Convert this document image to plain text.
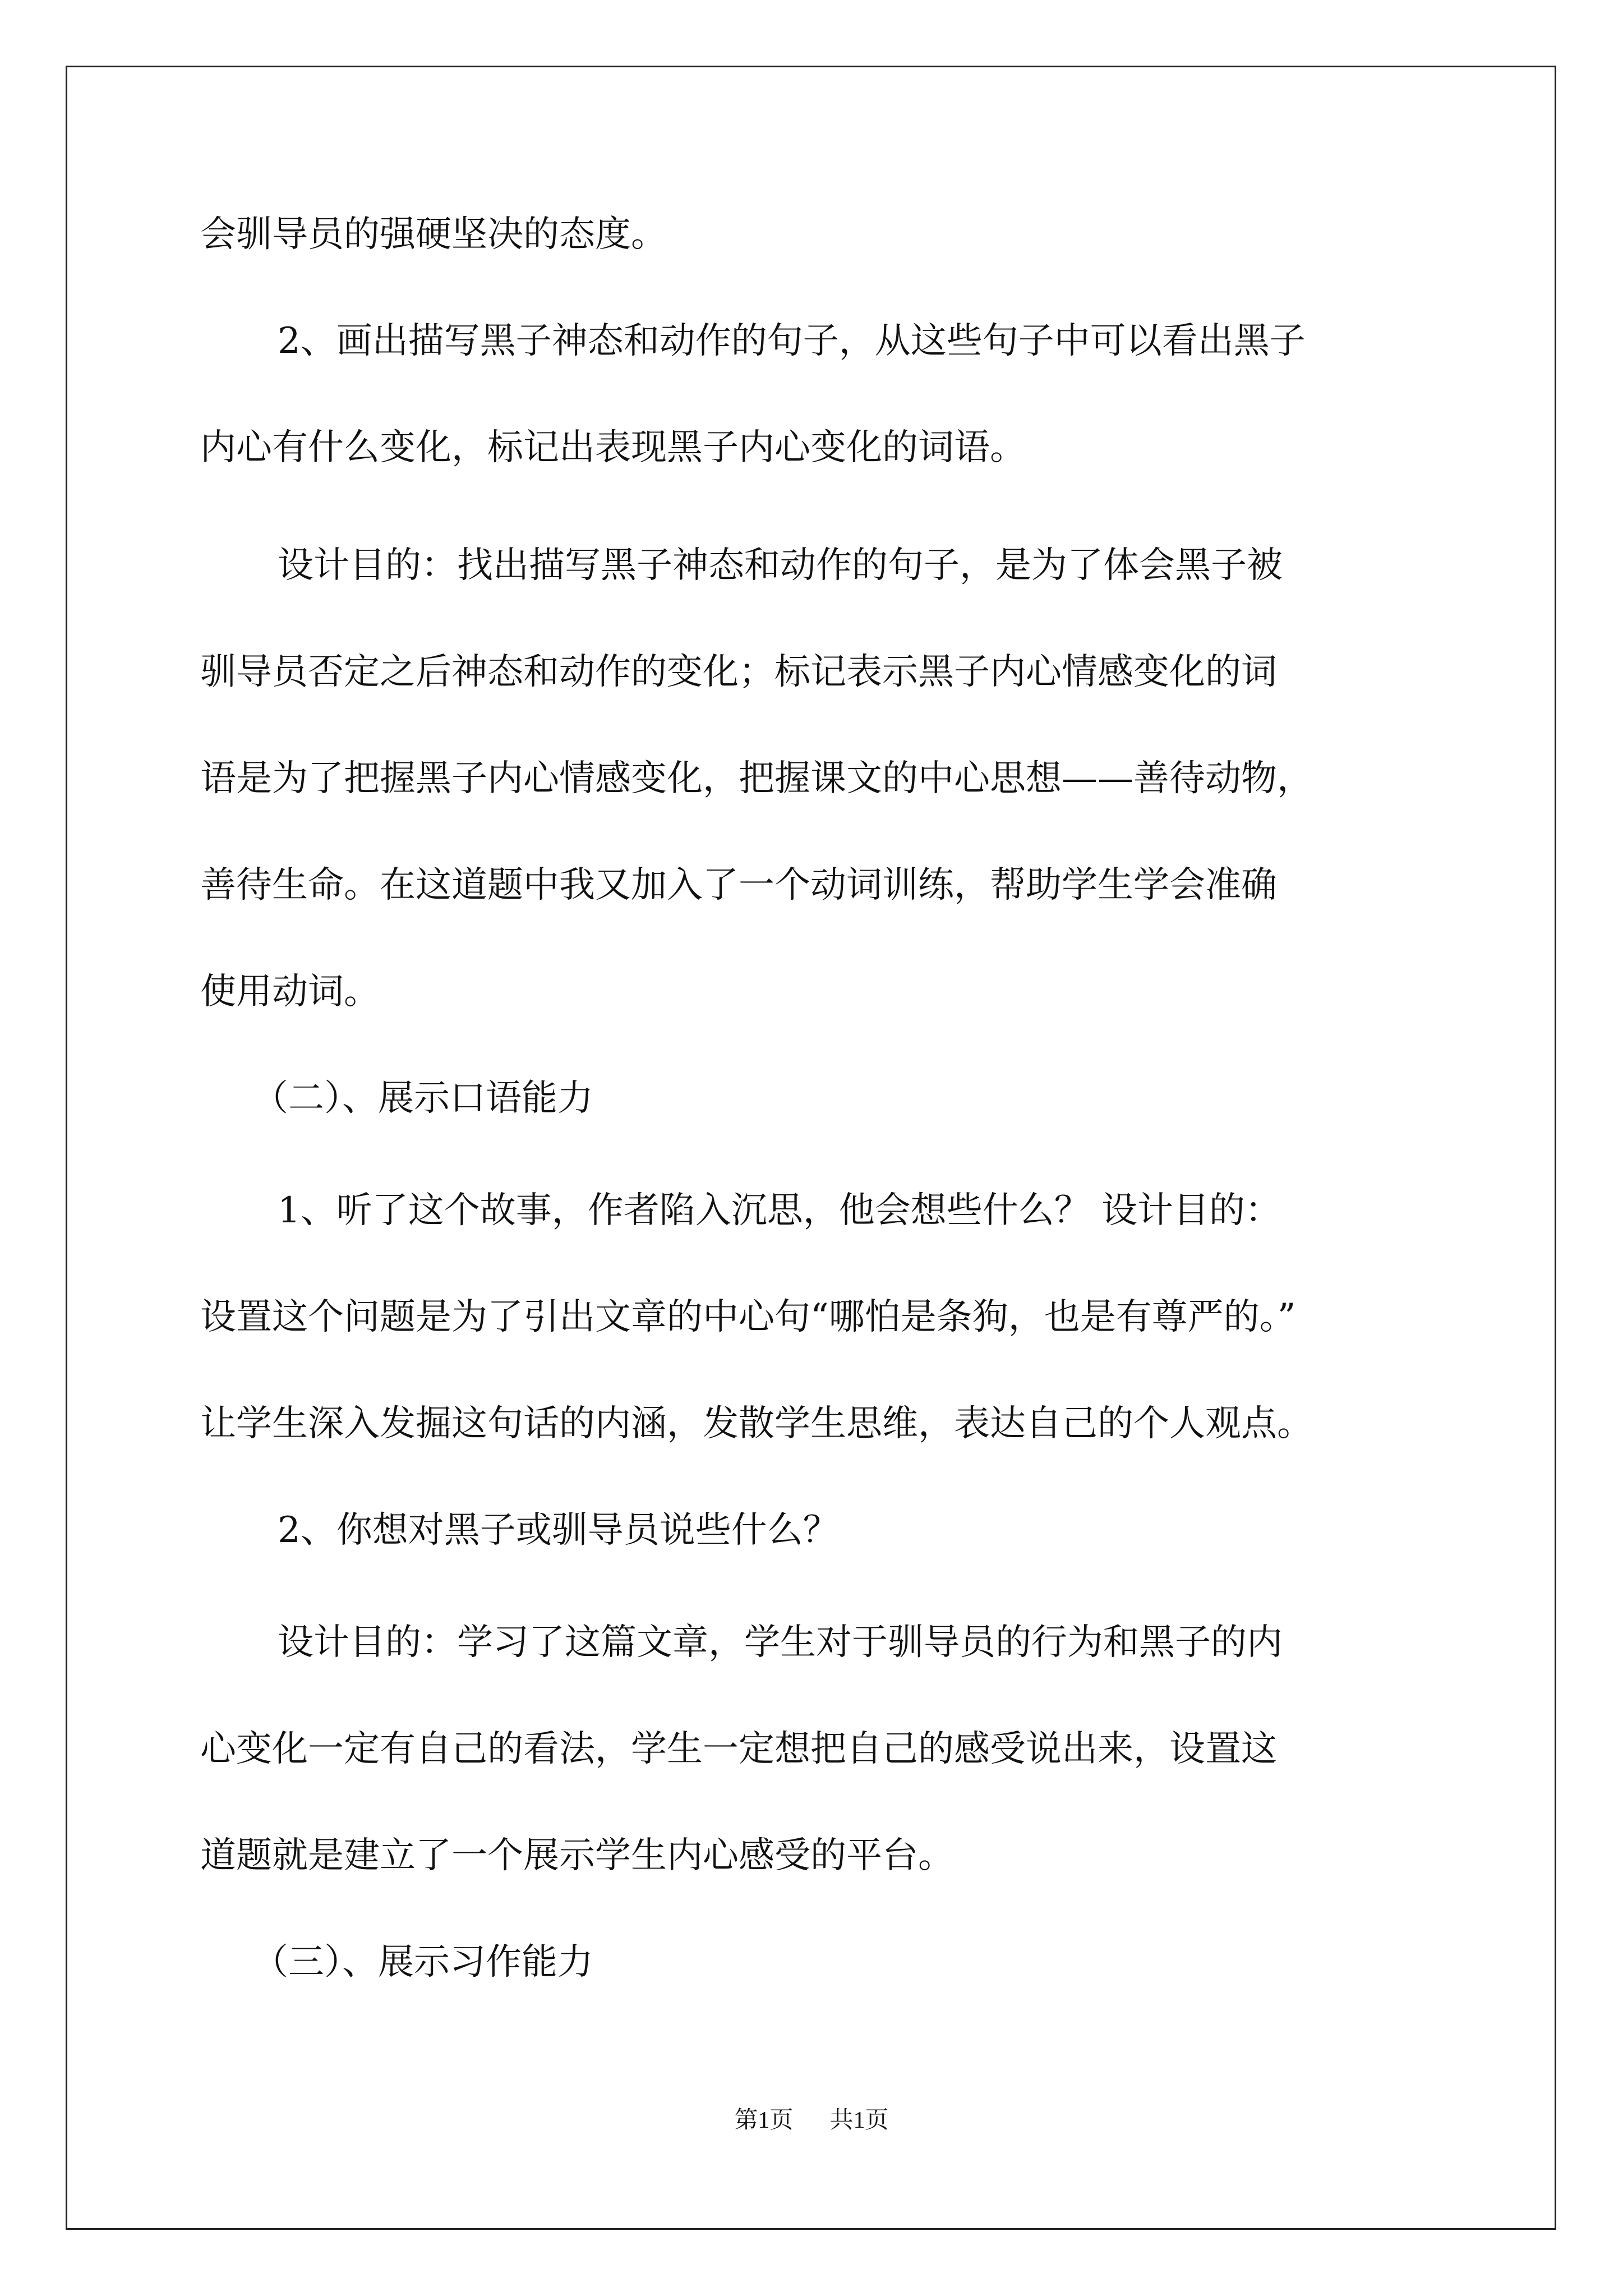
会驯导员的强硬坚决的态度。
2、画出描写黑子神态和动作的句子，从这些句子中可以看出黑子
内心有什么变化，标记出表现黑子内心变化的词语。
设计目的：找出描写黑子神态和动作的句子，是为了体会黑子被
驯导员否定之后神态和动作的变化；标记表示黑子内心情感变化的词
语是为了把握黑子内心情感变化，把握课文的中心思想——善待动物，
善待生命。在这道题中我又加入了一个动词训练，帮助学生学会准确
使用动词。
（二）、展示口语能力
1、听了这个故事，作者陷入沉思，他会想些什么？ 设计目的：
设置这个问题是为了引出文章的中心句“哪怕是条狗，也是有尊严的。”
让学生深入发掘这句话的内涵，发散学生思维，表达自己的个人观点。
2、你想对黑子或驯导员说些什么？
设计目的：学习了这篇文章，学生对于驯导员的行为和黑子的内
心变化一定有自己的看法，学生一定想把自己的感受说出来，设置这
道题就是建立了一个展示学生内心感受的平台。
（三）、展示习作能力
第1页 共1页
